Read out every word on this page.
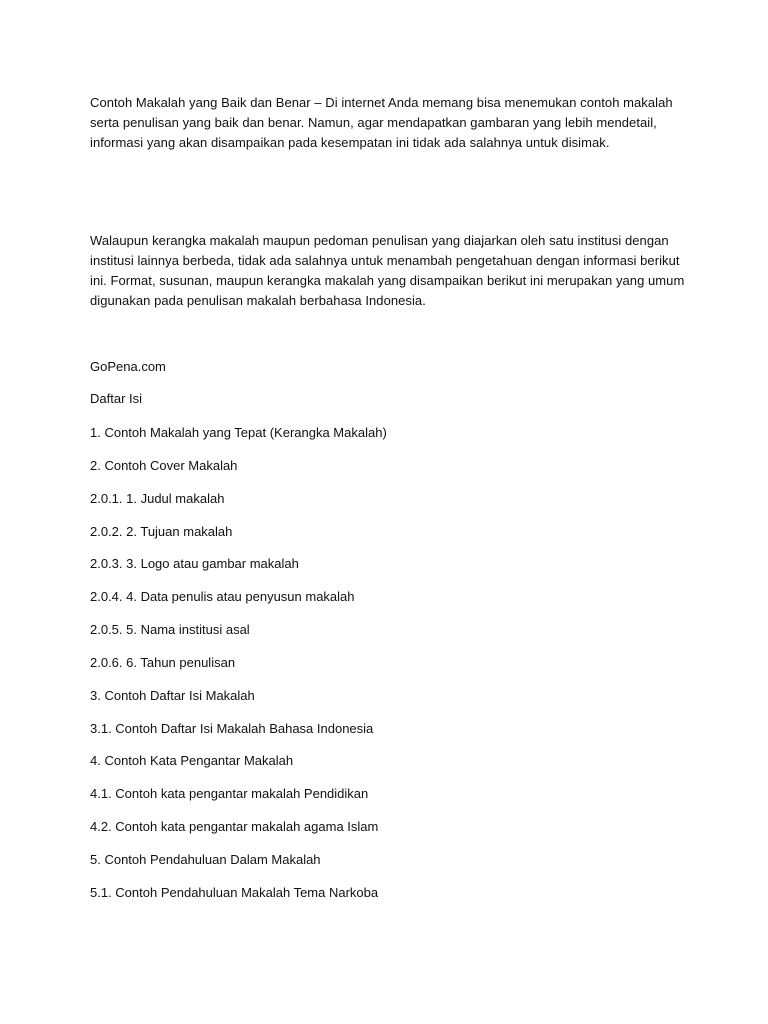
Contoh Makalah yang Baik dan Benar – Di internet Anda memang bisa menemukan contoh makalah serta penulisan yang baik dan benar. Namun, agar mendapatkan gambaran yang lebih mendetail, informasi yang akan disampaikan pada kesempatan ini tidak ada salahnya untuk disimak.

Walaupun kerangka makalah maupun pedoman penulisan yang diajarkan oleh satu institusi dengan institusi lainnya berbeda, tidak ada salahnya untuk menambah pengetahuan dengan informasi berikut ini. Format, susunan, maupun kerangka makalah yang disampaikan berikut ini merupakan yang umum digunakan pada penulisan makalah berbahasa Indonesia.

GoPena.com
Daftar Isi
1. Contoh Makalah yang Tepat (Kerangka Makalah)
2. Contoh Cover Makalah
2.0.1. 1. Judul makalah
2.0.2. 2. Tujuan makalah
2.0.3. 3. Logo atau gambar makalah
2.0.4. 4. Data penulis atau penyusun makalah
2.0.5. 5. Nama institusi asal
2.0.6. 6. Tahun penulisan
3. Contoh Daftar Isi Makalah
3.1. Contoh Daftar Isi Makalah Bahasa Indonesia
4. Contoh Kata Pengantar Makalah
4.1. Contoh kata pengantar makalah Pendidikan
4.2. Contoh kata pengantar makalah agama Islam
5. Contoh Pendahuluan Dalam Makalah
5.1. Contoh Pendahuluan Makalah Tema Narkoba
